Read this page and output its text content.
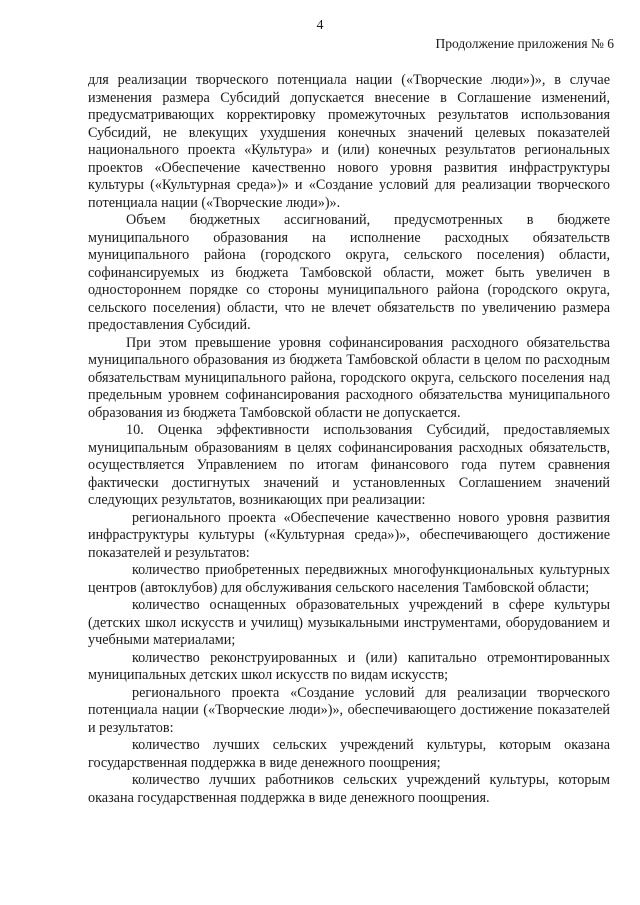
4
Продолжение приложения № 6

для реализации творческого потенциала нации («Творческие люди»)», в случае изменения размера Субсидий допускается внесение в Соглашение изменений, предусматривающих корректировку промежуточных результатов использования Субсидий, не влекущих ухудшения конечных значений целевых показателей национального проекта «Культура» и (или) конечных результатов региональных проектов «Обеспечение качественно нового уровня развития инфраструктуры культуры («Культурная среда»)» и «Создание условий для реализации творческого потенциала нации («Творческие люди»)».

Объем бюджетных ассигнований, предусмотренных в бюджете муниципального образования на исполнение расходных обязательств муниципального района (городского округа, сельского поселения) области, софинансируемых из бюджета Тамбовской области, может быть увеличен в одностороннем порядке со стороны муниципального района (городского округа, сельского поселения) области, что не влечет обязательств по увеличению размера предоставления Субсидий.

При этом превышение уровня софинансирования расходного обязательства муниципального образования из бюджета Тамбовской области в целом по расходным обязательствам муниципального района, городского округа, сельского поселения над предельным уровнем софинансирования расходного обязательства муниципального образования из бюджета Тамбовской области не допускается.

10. Оценка эффективности использования Субсидий, предоставляемых муниципальным образованиям в целях софинансирования расходных обязательств, осуществляется Управлением по итогам финансового года путем сравнения фактически достигнутых значений и установленных Соглашением значений следующих результатов, возникающих при реализации:

регионального проекта «Обеспечение качественно нового уровня развития инфраструктуры культуры («Культурная среда»)», обеспечивающего достижение показателей и результатов:

количество приобретенных передвижных многофункциональных культурных центров (автоклубов) для обслуживания сельского населения Тамбовской области;

количество оснащенных образовательных учреждений в сфере культуры (детских школ искусств и училищ) музыкальными инструментами, оборудованием и учебными материалами;

количество реконструированных и (или) капитально отремонтированных муниципальных детских школ искусств по видам искусств;

регионального проекта «Создание условий для реализации творческого потенциала нации («Творческие люди»)», обеспечивающего достижение показателей и результатов:

количество лучших сельских учреждений культуры, которым оказана государственная поддержка в виде денежного поощрения;

количество лучших работников сельских учреждений культуры, которым оказана государственная поддержка в виде денежного поощрения.
